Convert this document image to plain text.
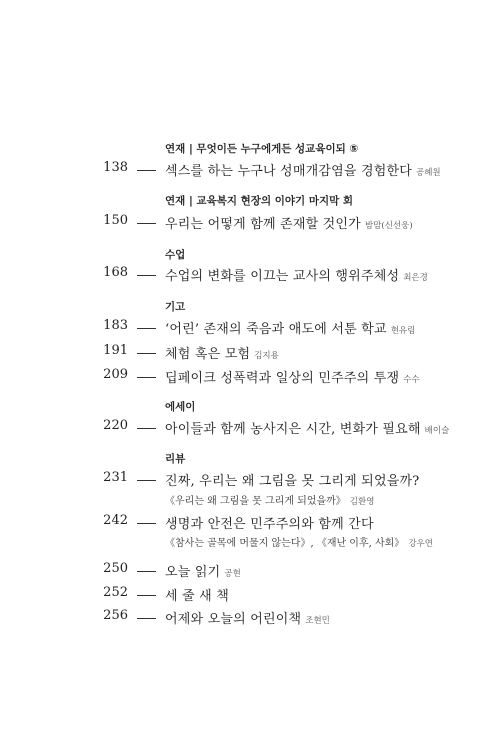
연재 | 무엇이든 누구에게든 성교육이되 ⑤
138	섹스를 하는 누구나 성매개감염을 경험한다 공혜원
연재 | 교육복지 현장의 이야기 마지막 회
150	우리는 어떻게 함께 존재할 것인가 밤맘(신선웅)
수업
168	수업의 변화를 이끄는 교사의 행위주체성 최은경
기고
183	‘어린’ 존재의 죽음과 애도에 서툰 학교 현유림
191	체험 혹은 모험 김지용
209	딥페이크 성폭력과 일상의 민주주의 투쟁 수수
에세이
220	아이들과 함께 농사지은 시간, 변화가 필요해 배이슬
리뷰
231	진짜, 우리는 왜 그림을 못 그리게 되었을까?
《우리는 왜 그림을 못 그리게 되었을까》 김환영
242	생명과 안전은 민주주의와 함께 간다
《참사는 골목에 머물지 않는다》, 《재난 이후, 사회》 강우연
250	오늘 읽기 공현
252	세 줄 새 책
256	어제와 오늘의 어린이책 조현민
